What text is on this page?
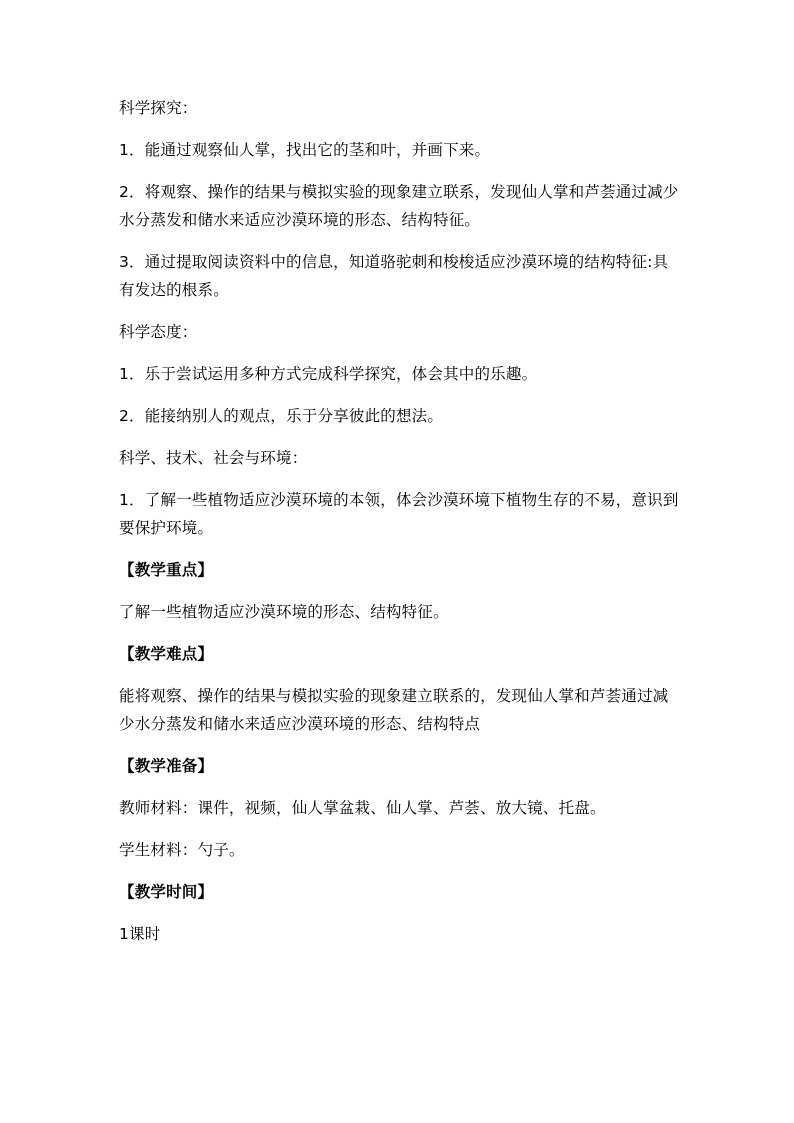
科学探究：

1．能通过观察仙人掌，找出它的茎和叶，并画下来。

2．将观察、操作的结果与模拟实验的现象建立联系，发现仙人掌和芦荟通过减少水分蒸发和储水来适应沙漠环境的形态、结构特征。

3．通过提取阅读资料中的信息，知道骆驼刺和梭梭适应沙漠环境的结构特征:具有发达的根系。

科学态度：

1．乐于尝试运用多种方式完成科学探究，体会其中的乐趣。

2．能接纳别人的观点，乐于分享彼此的想法。

科学、技术、社会与环境：

1．了解一些植物适应沙漠环境的本领，体会沙漠环境下植物生存的不易，意识到要保护环境。

【教学重点】

了解一些植物适应沙漠环境的形态、结构特征。

【教学难点】

能将观察、操作的结果与模拟实验的现象建立联系的，发现仙人掌和芦荟通过减少水分蒸发和储水来适应沙漠环境的形态、结构特点

【教学准备】

教师材料：课件，视频，仙人掌盆栽、仙人掌、芦荟、放大镜、托盘。

学生材料：勺子。

【教学时间】

1课时
